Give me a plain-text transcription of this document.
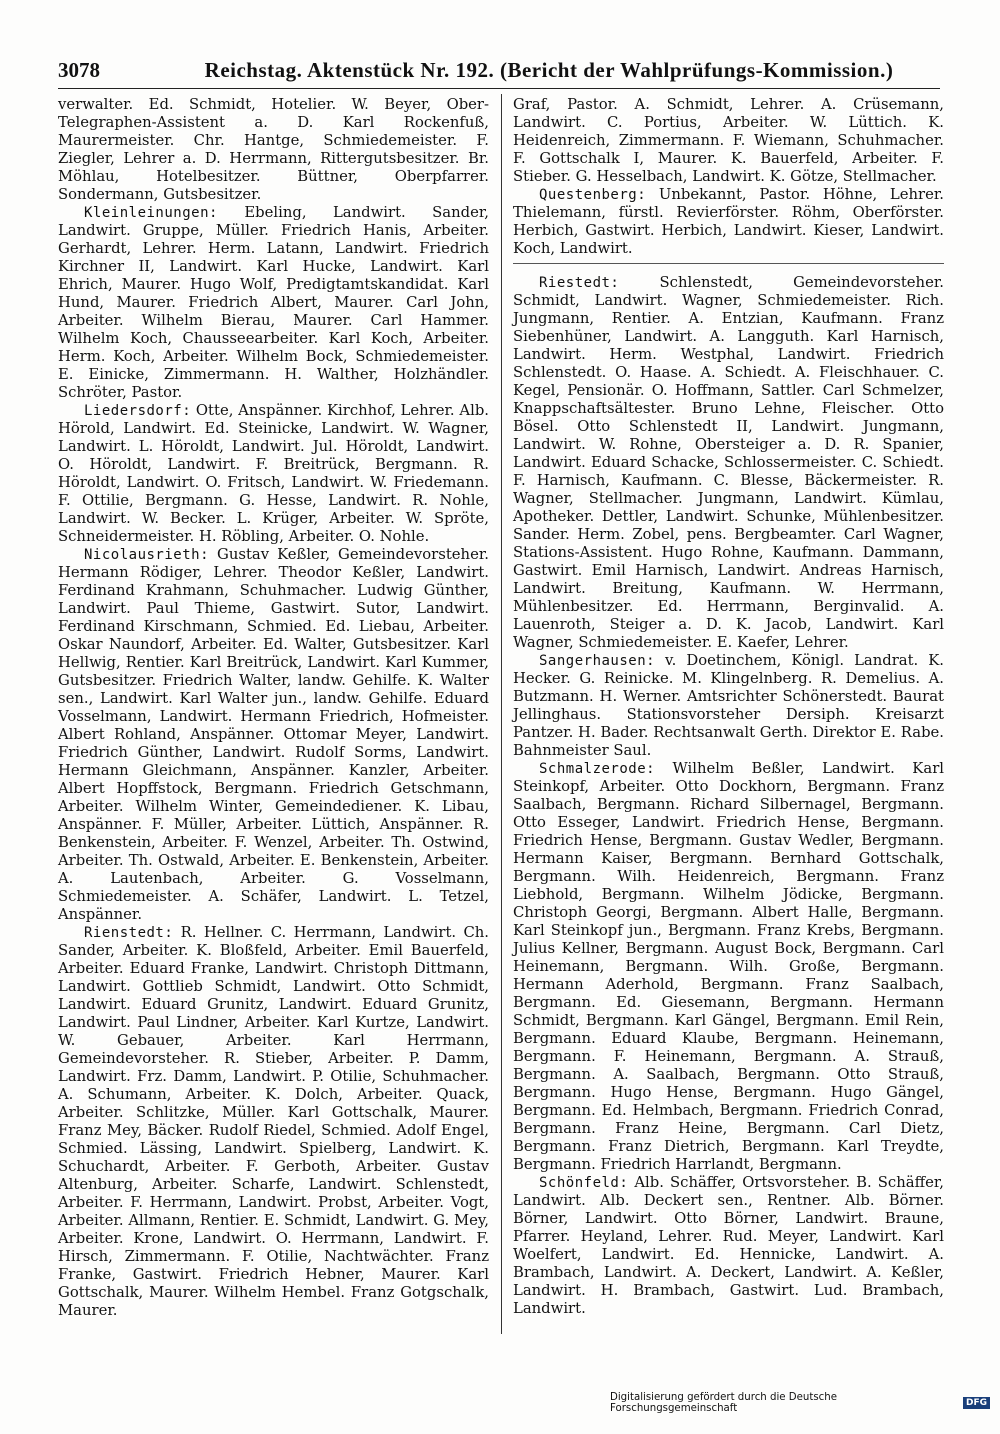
3078	Reichstag. Aktenstück Nr. 192. (Bericht der Wahlprüfungs-Kommission.)

verwalter. Ed. Schmidt, Hotelier. W. Beyer, Ober-Telegraphen-Assistent a. D. Karl Rockenfuß, Maurermeister. Chr. Hantge, Schmiedemeister. F. Ziegler, Lehrer a. D. Herrmann, Rittergutsbesitzer. Br. Möhlau, Hotelbesitzer. Büttner, Oberpfarrer. Sondermann, Gutsbesitzer.

Kleinleinungen: Ebeling, Landwirt. Sander, Landwirt. Gruppe, Müller. Friedrich Hanis, Arbeiter. Gerhardt, Lehrer. Herm. Latann, Landwirt. Friedrich Kirchner II, Landwirt. Karl Hucke, Landwirt. Karl Ehrich, Maurer. Hugo Wolf, Predigtamtskandidat. Karl Hund, Maurer. Friedrich Albert, Maurer. Carl John, Arbeiter. Wilhelm Bierau, Maurer. Carl Hammer. Wilhelm Koch, Chausseearbeiter. Karl Koch, Arbeiter. Herm. Koch, Arbeiter. Wilhelm Bock, Schmiedemeister. E. Einicke, Zimmermann. H. Walther, Holzhändler. Schröter, Pastor.

Liedersdorf: Otte, Anspänner. Kirchhof, Lehrer. Alb. Hörold, Landwirt. Ed. Steinicke, Landwirt. W. Wagner, Landwirt. L. Höroldt, Landwirt. Jul. Höroldt, Landwirt. O. Höroldt, Landwirt. F. Breitrück, Bergmann. R. Höroldt, Landwirt. O. Fritsch, Landwirt. W. Friedemann. F. Ottilie, Bergmann. G. Hesse, Landwirt. R. Nohle, Landwirt. W. Becker. L. Krüger, Arbeiter. W. Spröte, Schneidermeister. H. Röbling, Arbeiter. O. Nohle.

Nicolausrieth: Gustav Keßler, Gemeindevorsteher. Hermann Rödiger, Lehrer. Theodor Keßler, Landwirt. Ferdinand Krahmann, Schuhmacher. Ludwig Günther, Landwirt. Paul Thieme, Gastwirt. Sutor, Landwirt. Ferdinand Kirschmann, Schmied. Ed. Liebau, Arbeiter. Oskar Naundorf, Arbeiter. Ed. Walter, Gutsbesitzer. Karl Hellwig, Rentier. Karl Breitrück, Landwirt. Karl Kummer, Gutsbesitzer. Friedrich Walter, landw. Gehilfe. K. Walter sen., Landwirt. Karl Walter jun., landw. Gehilfe. Eduard Vosselmann, Landwirt. Hermann Friedrich, Hofmeister. Albert Rohland, Anspänner. Ottomar Meyer, Landwirt. Friedrich Günther, Landwirt. Rudolf Sorms, Landwirt. Hermann Gleichmann, Anspänner. Kanzler, Arbeiter. Albert Hopffstock, Bergmann. Friedrich Getschmann, Arbeiter. Wilhelm Winter, Gemeindediener. K. Libau, Anspänner. F. Müller, Arbeiter. Lüttich, Anspänner. R. Benkenstein, Arbeiter. F. Wenzel, Arbeiter. Th. Ostwind, Arbeiter. Th. Ostwald, Arbeiter. E. Benkenstein, Arbeiter. A. Lautenbach, Arbeiter. G. Vosselmann, Schmiedemeister. A. Schäfer, Landwirt. L. Tetzel, Anspänner.

Rienstedt: R. Hellner. C. Herrmann, Landwirt. Ch. Sander, Arbeiter. K. Bloßfeld, Arbeiter. Emil Bauerfeld, Arbeiter. Eduard Franke, Landwirt. Christoph Dittmann, Landwirt. Gottlieb Schmidt, Landwirt. Otto Schmidt, Landwirt. Eduard Grunitz, Landwirt. Eduard Grunitz, Landwirt. Paul Lindner, Arbeiter. Karl Kurtze, Landwirt. W. Gebauer, Arbeiter. Karl Herrmann, Gemeindevorsteher. R. Stieber, Arbeiter. P. Damm, Landwirt. Frz. Damm, Landwirt. P. Otilie, Schuhmacher. A. Schumann, Arbeiter. K. Dolch, Arbeiter. Quack, Arbeiter. Schlitzke, Müller. Karl Gottschalk, Maurer. Franz Mey, Bäcker. Rudolf Riedel, Schmied. Adolf Engel, Schmied. Lässing, Landwirt. Spielberg, Landwirt. K. Schuchardt, Arbeiter. F. Gerboth, Arbeiter. Gustav Altenburg, Arbeiter. Scharfe, Landwirt. Schlenstedt, Arbeiter. F. Herrmann, Landwirt. Probst, Arbeiter. Vogt, Arbeiter. Allmann, Rentier. E. Schmidt, Landwirt. G. Mey, Arbeiter. Krone, Landwirt. O. Herrmann, Landwirt. F. Hirsch, Zimmermann. F. Otilie, Nachtwächter. Franz Franke, Gastwirt. Friedrich Hebner, Maurer. Karl Gottschalk, Maurer. Wilhelm Hembel. Franz Gotgschalk, Maurer.

Graf, Pastor. A. Schmidt, Lehrer. A. Crüsemann, Landwirt. C. Portius, Arbeiter. W. Lüttich. K. Heidenreich, Zimmermann. F. Wiemann, Schuhmacher. F. Gottschalk I, Maurer. K. Bauerfeld, Arbeiter. F. Stieber. G. Hesselbach, Landwirt. K. Götze, Stellmacher.

Questenberg: Unbekannt, Pastor. Höhne, Lehrer. Thielemann, fürstl. Revierförster. Röhm, Oberförster. Herbich, Gastwirt. Herbich, Landwirt. Kieser, Landwirt. Koch, Landwirt.

Riestedt: Schlenstedt, Gemeindevorsteher. Schmidt, Landwirt. Wagner, Schmiedemeister. Rich. Jungmann, Rentier. A. Entzian, Kaufmann. Franz Siebenhüner, Landwirt. A. Langguth. Karl Harnisch, Landwirt. Herm. Westphal, Landwirt. Friedrich Schlenstedt. O. Haase. A. Schiedt. A. Fleischhauer. C. Kegel, Pensionär. O. Hoffmann, Sattler. Carl Schmelzer, Knappschaftsältester. Bruno Lehne, Fleischer. Otto Bösel. Otto Schlenstedt II, Landwirt. Jungmann, Landwirt. W. Rohne, Obersteiger a. D. R. Spanier, Landwirt. Eduard Schacke, Schlossermeister. C. Schiedt. F. Harnisch, Kaufmann. C. Blesse, Bäckermeister. R. Wagner, Stellmacher. Jungmann, Landwirt. Kümlau, Apotheker. Dettler, Landwirt. Schunke, Mühlenbesitzer. Sander. Herm. Zobel, pens. Bergbeamter. Carl Wagner, Stations-Assistent. Hugo Rohne, Kaufmann. Dammann, Gastwirt. Emil Harnisch, Landwirt. Andreas Harnisch, Landwirt. Breitung, Kaufmann. W. Herrmann, Mühlenbesitzer. Ed. Herrmann, Berginvalid. A. Lauenroth, Steiger a. D. K. Jacob, Landwirt. Karl Wagner, Schmiedemeister. E. Kaefer, Lehrer.

Sangerhausen: v. Doetinchem, Königl. Landrat. K. Hecker. G. Reinicke. M. Klingelnberg. R. Demelius. A. Butzmann. H. Werner. Amtsrichter Schönerstedt. Baurat Jellinghaus. Stationsvorsteher Dersiph. Kreisarzt Pantzer. H. Bader. Rechtsanwalt Gerth. Direktor E. Rabe. Bahnmeister Saul.

Schmalzerode: Wilhelm Beßler, Landwirt. Karl Steinkopf, Arbeiter. Otto Dockhorn, Bergmann. Franz Saalbach, Bergmann. Richard Silbernagel, Bergmann. Otto Esseger, Landwirt. Friedrich Hense, Bergmann. Friedrich Hense, Bergmann. Gustav Wedler, Bergmann. Hermann Kaiser, Bergmann. Bernhard Gottschalk, Bergmann. Wilh. Heidenreich, Bergmann. Franz Liebhold, Bergmann. Wilhelm Jödicke, Bergmann. Christoph Georgi, Bergmann. Albert Halle, Bergmann. Karl Steinkopf jun., Bergmann. Franz Krebs, Bergmann. Julius Kellner, Bergmann. August Bock, Bergmann. Carl Heinemann, Bergmann. Wilh. Große, Bergmann. Hermann Aderhold, Bergmann. Franz Saalbach, Bergmann. Ed. Giesemann, Bergmann. Hermann Schmidt, Bergmann. Karl Gängel, Bergmann. Emil Rein, Bergmann. Eduard Klaube, Bergmann. Heinemann, Bergmann. F. Heinemann, Bergmann. A. Strauß, Bergmann. A. Saalbach, Bergmann. Otto Strauß, Bergmann. Hugo Hense, Bergmann. Hugo Gängel, Bergmann. Ed. Helmbach, Bergmann. Friedrich Conrad, Bergmann. Franz Heine, Bergmann. Carl Dietz, Bergmann. Franz Dietrich, Bergmann. Karl Treydte, Bergmann. Friedrich Harrlandt, Bergmann.

Schönfeld: Alb. Schäffer, Ortsvorsteher. B. Schäffer, Landwirt. Alb. Deckert sen., Rentner. Alb. Börner. Börner, Landwirt. Otto Börner, Landwirt. Braune, Pfarrer. Heyland, Lehrer. Rud. Meyer, Landwirt. Karl Woelfert, Landwirt. Ed. Hennicke, Landwirt. A. Brambach, Landwirt. A. Deckert, Landwirt. A. Keßler, Landwirt. H. Brambach, Gastwirt. Lud. Brambach, Landwirt.

Digitalisierung gefördert durch die Deutsche Forschungsgemeinschaft	DFG
